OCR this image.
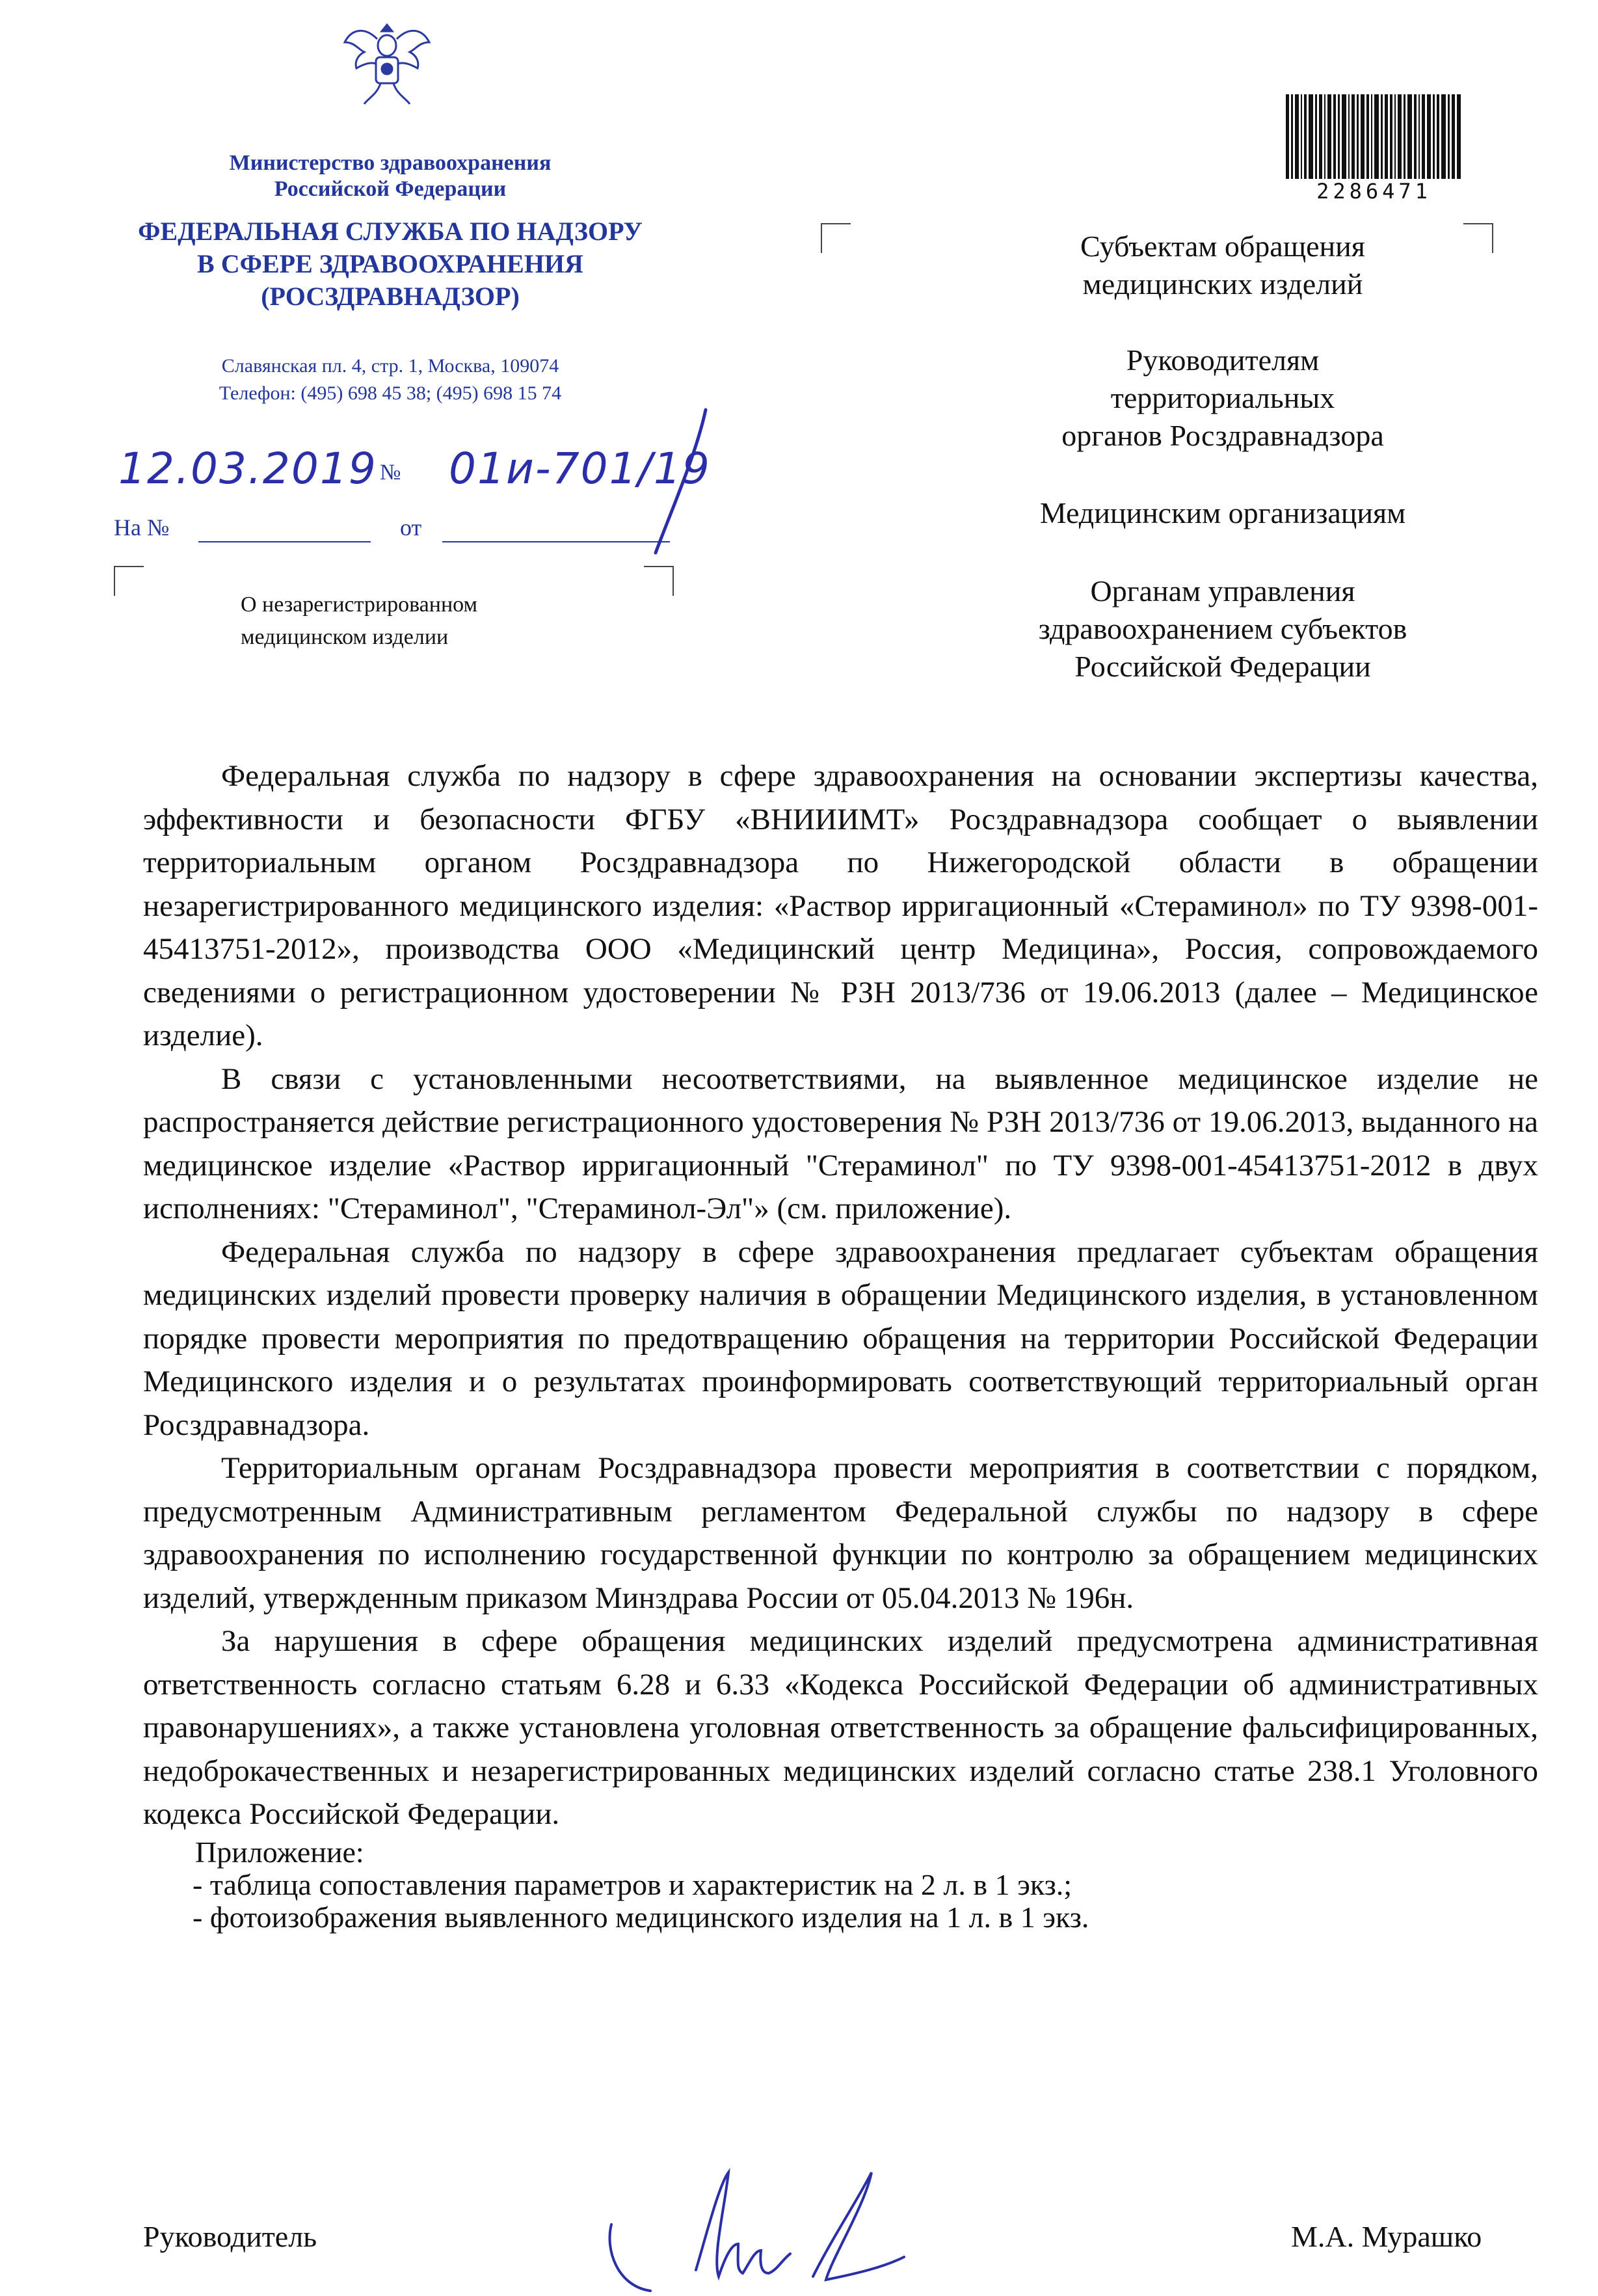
Министерство здравоохранения
Российской Федерации
ФЕДЕРАЛЬНАЯ СЛУЖБА ПО НАДЗОРУ
В СФЕРЕ ЗДРАВООХРАНЕНИЯ
(РОСЗДРАВНАДЗОР)
Славянская пл. 4, стр. 1, Москва, 109074
Телефон: (495) 698 45 38; (495) 698 15 74
12.03.2019 № 01и-701/19
На №	от
О незарегистрированном
медицинском изделии
2286471
Субъектам обращения
медицинских изделий
Руководителям
территориальных
органов Росздравнадзора
Медицинским организациям
Органам управления
здравоохранением субъектов
Российской Федерации

Федеральная служба по надзору в сфере здравоохранения на основании экспертизы качества, эффективности и безопасности ФГБУ «ВНИИИМТ» Росздравнадзора сообщает о выявлении территориальным органом Росздравнадзора по Нижегородской области в обращении незарегистрированного медицинского изделия: «Раствор ирригационный «Стераминол» по ТУ 9398-001-45413751-2012», производства ООО «Медицинский центр Медицина», Россия, сопровождаемого сведениями о регистрационном удостоверении № РЗН 2013/736 от 19.06.2013 (далее – Медицинское изделие).

В связи с установленными несоответствиями, на выявленное медицинское изделие не распространяется действие регистрационного удостоверения № РЗН 2013/736 от 19.06.2013, выданного на медицинское изделие «Раствор ирригационный "Стераминол" по ТУ 9398-001-45413751-2012 в двух исполнениях: "Стераминол", "Стераминол-Эл"» (см. приложение).

Федеральная служба по надзору в сфере здравоохранения предлагает субъектам обращения медицинских изделий провести проверку наличия в обращении Медицинского изделия, в установленном порядке провести мероприятия по предотвращению обращения на территории Российской Федерации Медицинского изделия и о результатах проинформировать соответствующий территориальный орган Росздравнадзора.

Территориальным органам Росздравнадзора провести мероприятия в соответствии с порядком, предусмотренным Административным регламентом Федеральной службы по надзору в сфере здравоохранения по исполнению государственной функции по контролю за обращением медицинских изделий, утвержденным приказом Минздрава России от 05.04.2013 № 196н.

За нарушения в сфере обращения медицинских изделий предусмотрена административная ответственность согласно статьям 6.28 и 6.33 «Кодекса Российской Федерации об административных правонарушениях», а также установлена уголовная ответственность за обращение фальсифицированных, недоброкачественных и незарегистрированных медицинских изделий согласно статье 238.1 Уголовного кодекса Российской Федерации.

Приложение:
- таблица сопоставления параметров и характеристик на 2 л. в 1 экз.;
- фотоизображения выявленного медицинского изделия на 1 л. в 1 экз.
Руководитель	М.А. Мурашко
